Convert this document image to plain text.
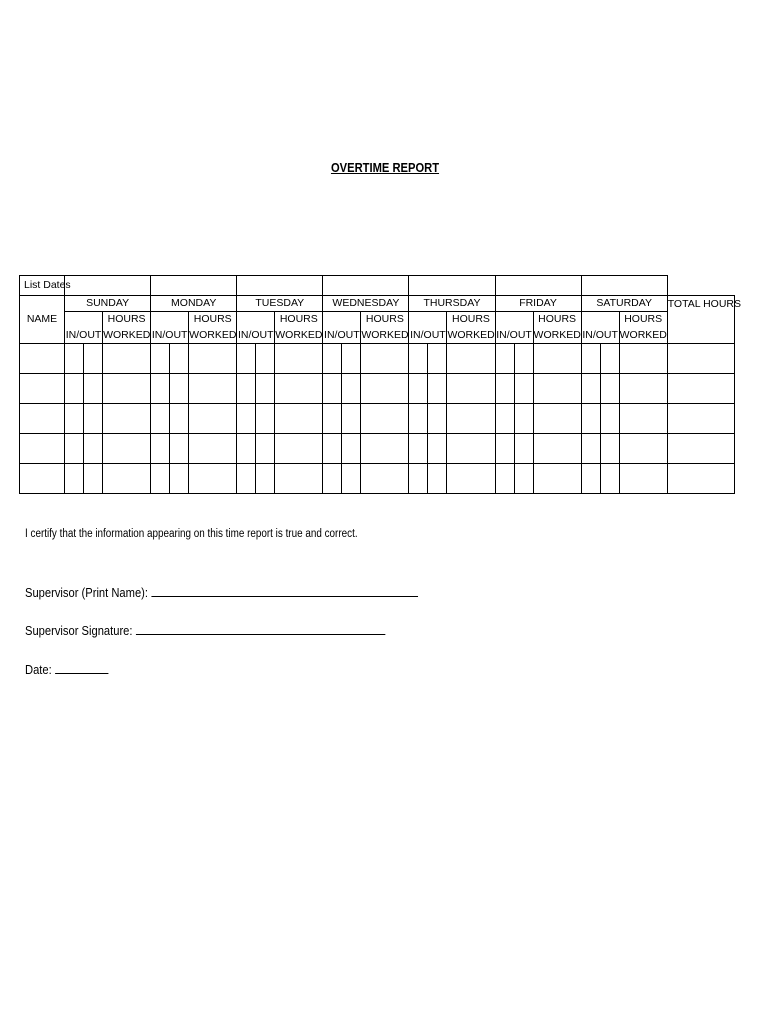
OVERTIME REPORT
List Dates																						
NAME	SUNDAY			MONDAY			TUESDAY			WEDNESDAY			THURSDAY			FRIDAY			SATURDAY			TOTAL HOURS
	IN/OUT		HOURS	IN/OUT		HOURS	IN/OUT		HOURS	IN/OUT		HOURS	IN/OUT		HOURS	IN/OUT		HOURS	IN/OUT		HOURS	
			WORKED			WORKED			WORKED			WORKED			WORKED			WORKED			WORKED	

I certify that the information appearing on this time report is true and correct.
Supervisor (Print Name):
Supervisor Signature:
Date:
